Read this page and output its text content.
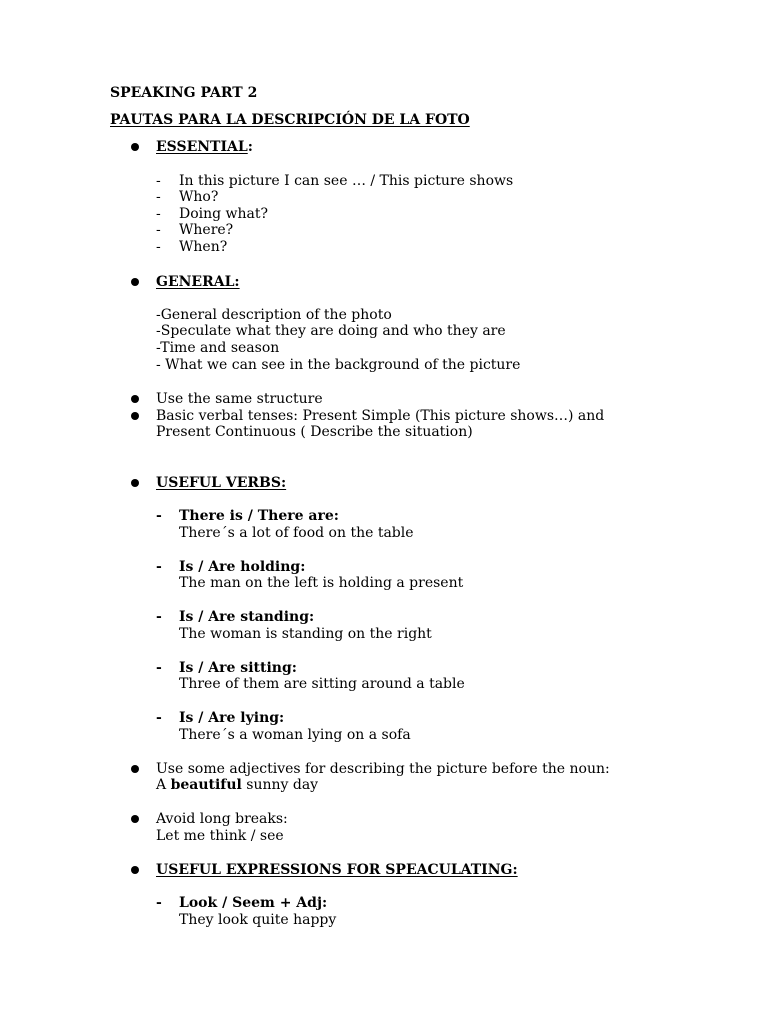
SPEAKING PART 2
PAUTAS PARA LA DESCRIPCIÓN DE LA FOTO
ESSENTIAL:
- In this picture I can see … / This picture shows
- Who?
- Doing what?
- Where?
- When?
GENERAL:
-General description of the photo
-Speculate what they are doing and who they are
-Time and season
- What we can see in the background of the picture
Use the same structure
Basic verbal tenses: Present Simple (This picture shows…) and
Present Continuous ( Describe the situation)
USEFUL VERBS:
- There is / There are:
There´s a lot of food on the table
- Is / Are holding:
The man on the left is holding a present
- Is / Are standing:
The woman is standing on the right
- Is / Are sitting:
Three of them are sitting around a table
- Is / Are lying:
There´s a woman lying on a sofa
Use some adjectives for describing the picture before the noun:
A beautiful sunny day
Avoid long breaks:
Let me think / see
USEFUL EXPRESSIONS FOR SPEACULATING:
- Look / Seem + Adj:
They look quite happy
